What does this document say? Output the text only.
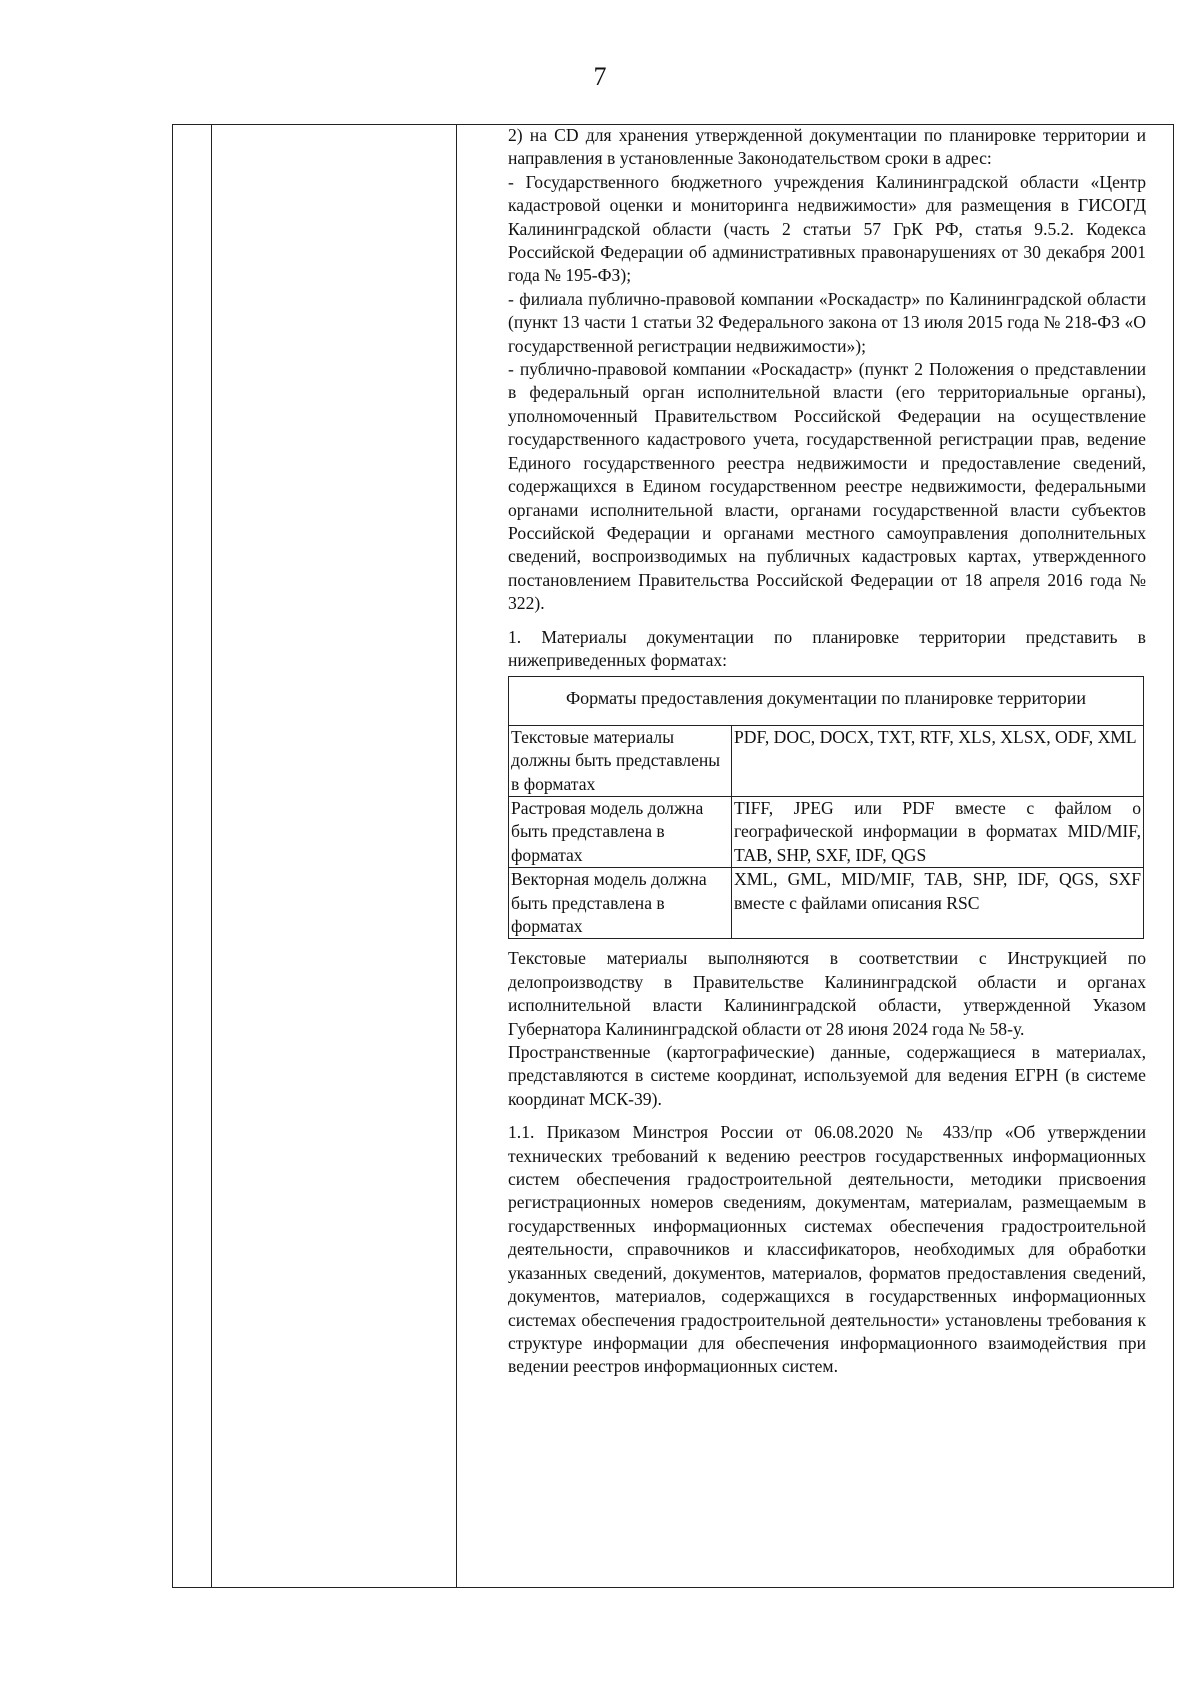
7

2) на CD для хранения утвержденной документации по планировке территории и направления в установленные Законодательством сроки в адрес:

- Государственного бюджетного учреждения Калининградской области «Центр кадастровой оценки и мониторинга недвижимости» для размещения в ГИСОГД Калининградской области (часть 2 статьи 57 ГрК РФ, статья 9.5.2. Кодекса Российской Федерации об административных правонарушениях от 30 декабря 2001 года № 195-ФЗ);

- филиала публично-правовой компании «Роскадастр» по Калининградской области (пункт 13 части 1 статьи 32 Федерального закона от 13 июля 2015 года № 218-ФЗ «О государственной регистрации недвижимости»);

- публично-правовой компании «Роскадастр» (пункт 2 Положения о представлении в федеральный орган исполнительной власти (его территориальные органы), уполномоченный Правительством Российской Федерации на осуществление государственного кадастрового учета, государственной регистрации прав, ведение Единого государственного реестра недвижимости и предоставление сведений, содержащихся в Едином государственном реестре недвижимости, федеральными органами исполнительной власти, органами государственной власти субъектов Российской Федерации и органами местного самоуправления дополнительных сведений, воспроизводимых на публичных кадастровых картах, утвержденного постановлением Правительства Российской Федерации от 18 апреля 2016 года № 322).

1. Материалы документации по планировке территории представить в нижеприведенных форматах:

Форматы предоставления документации по планировке территории	
Текстовые материалы должны быть представлены в форматах	PDF, DOC, DOCX, TXT, RTF, XLS, XLSX, ODF, XML
Растровая модель должна быть представлена в форматах	TIFF, JPEG или PDF вместе с файлом о географической информации в форматах MID/MIF, TAB, SHP, SXF, IDF, QGS
Векторная модель должна быть представлена в форматах	XML, GML, MID/MIF, TAB, SHP, IDF, QGS, SXF вместе с файлами описания RSC

Текстовые материалы выполняются в соответствии с Инструкцией по делопроизводству в Правительстве Калининградской области и органах исполнительной власти Калининградской области, утвержденной Указом Губернатора Калининградской области от 28 июня 2024 года № 58-у.

Пространственные (картографические) данные, содержащиеся в материалах, представляются в системе координат, используемой для ведения ЕГРН (в системе координат МСК-39).

1.1. Приказом Минстроя России от 06.08.2020 № 433/пр «Об утверждении технических требований к ведению реестров государственных информационных систем обеспечения градостроительной деятельности, методики присвоения регистрационных номеров сведениям, документам, материалам, размещаемым в государственных информационных системах обеспечения градостроительной деятельности, справочников и классификаторов, необходимых для обработки указанных сведений, документов, материалов, форматов предоставления сведений, документов, материалов, содержащихся в государственных информационных системах обеспечения градостроительной деятельности» установлены требования к структуре информации для обеспечения информационного взаимодействия при ведении реестров информационных систем.
